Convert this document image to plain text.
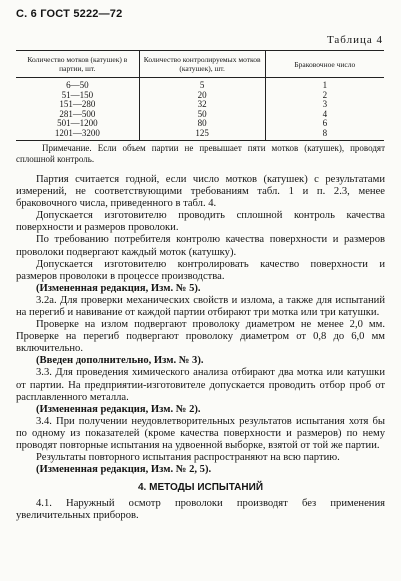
С. 6 ГОСТ 5222—72
Таблица 4
Количество мотков (катушек) в партии, шт.	Количество контролируемых мотков (катушек), шт.	Браковочное число
6—50	5	1
51—150	20	2
151—280	32	3
281—500	50	4
501—1200	80	6
1201—3200	125	8

Примечание. Если объем партии не превышает пяти мотков (катушек), проводят сплошной контроль.

Партия считается годной, если число мотков (катушек) с результатами измерений, не соответствующими требованиям табл. 1 и п. 2.3, менее браковочного числа, приведенного в табл. 4.

Допускается изготовителю проводить сплошной контроль качества поверхности и размеров проволоки.

По требованию потребителя контролю качества поверхности и размеров проволоки подвергают каждый моток (катушку).

Допускается изготовителю контролировать качество поверхности и размеров проволоки в процессе производства.

(Измененная редакция, Изм. № 5).

3.2а. Для проверки механических свойств и излома, а также для испытаний на перегиб и навивание от каждой партии отбирают три мотка или три катушки.

Проверке на излом подвергают проволоку диаметром не менее 2,0 мм. Проверке на перегиб подвергают проволоку диаметром от 0,8 до 6,0 мм включительно.

(Введен дополнительно, Изм. № 3).

3.3. Для проведения химического анализа отбирают два мотка или катушки от партии. На предприятии-изготовителе допускается проводить отбор проб от расплавленного металла.

(Измененная редакция, Изм. № 2).

3.4. При получении неудовлетворительных результатов испытания хотя бы по одному из показателей (кроме качества поверхности и размеров) по нему проводят повторные испытания на удвоенной выборке, взятой от той же партии.

Результаты повторного испытания распространяют на всю партию.

(Измененная редакция, Изм. № 2, 5).

4. МЕТОДЫ ИСПЫТАНИЙ

4.1. Наружный осмотр проволоки производят без применения увеличительных приборов.
